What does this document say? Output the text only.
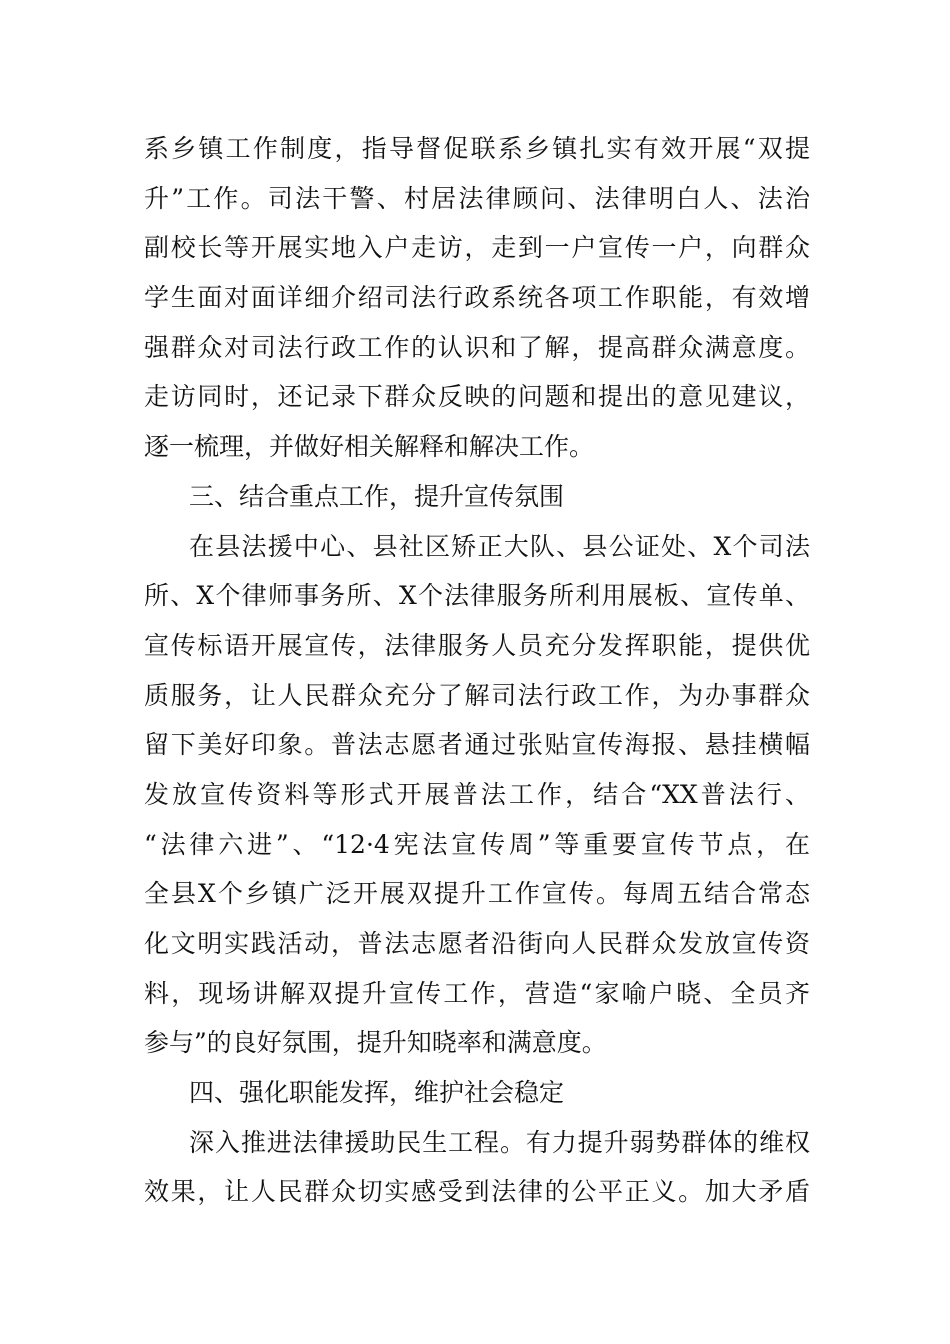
系乡镇工作制度，指导督促联系乡镇扎实有效开展“双提
升”工作。司法干警、村居法律顾问、法律明白人、法治
副校长等开展实地入户走访，走到一户宣传一户，向群众
学生面对面详细介绍司法行政系统各项工作职能，有效增
强群众对司法行政工作的认识和了解，提高群众满意度。
走访同时，还记录下群众反映的问题和提出的意见建议，
逐一梳理，并做好相关解释和解决工作。
三、结合重点工作，提升宣传氛围
在县法援中心、县社区矫正大队、县公证处、X个司法
所、X个律师事务所、X个法律服务所利用展板、宣传单、
宣传标语开展宣传，法律服务人员充分发挥职能，提供优
质服务，让人民群众充分了解司法行政工作，为办事群众
留下美好印象。普法志愿者通过张贴宣传海报、悬挂横幅
发放宣传资料等形式开展普法工作，结合“XX普法行、
“法律六进”、“12·4宪法宣传周”等重要宣传节点，在
全县X个乡镇广泛开展双提升工作宣传。每周五结合常态
化文明实践活动，普法志愿者沿街向人民群众发放宣传资
料，现场讲解双提升宣传工作，营造“家喻户晓、全员齐
参与”的良好氛围，提升知晓率和满意度。
四、强化职能发挥，维护社会稳定
深入推进法律援助民生工程。有力提升弱势群体的维权
效果，让人民群众切实感受到法律的公平正义。加大矛盾
